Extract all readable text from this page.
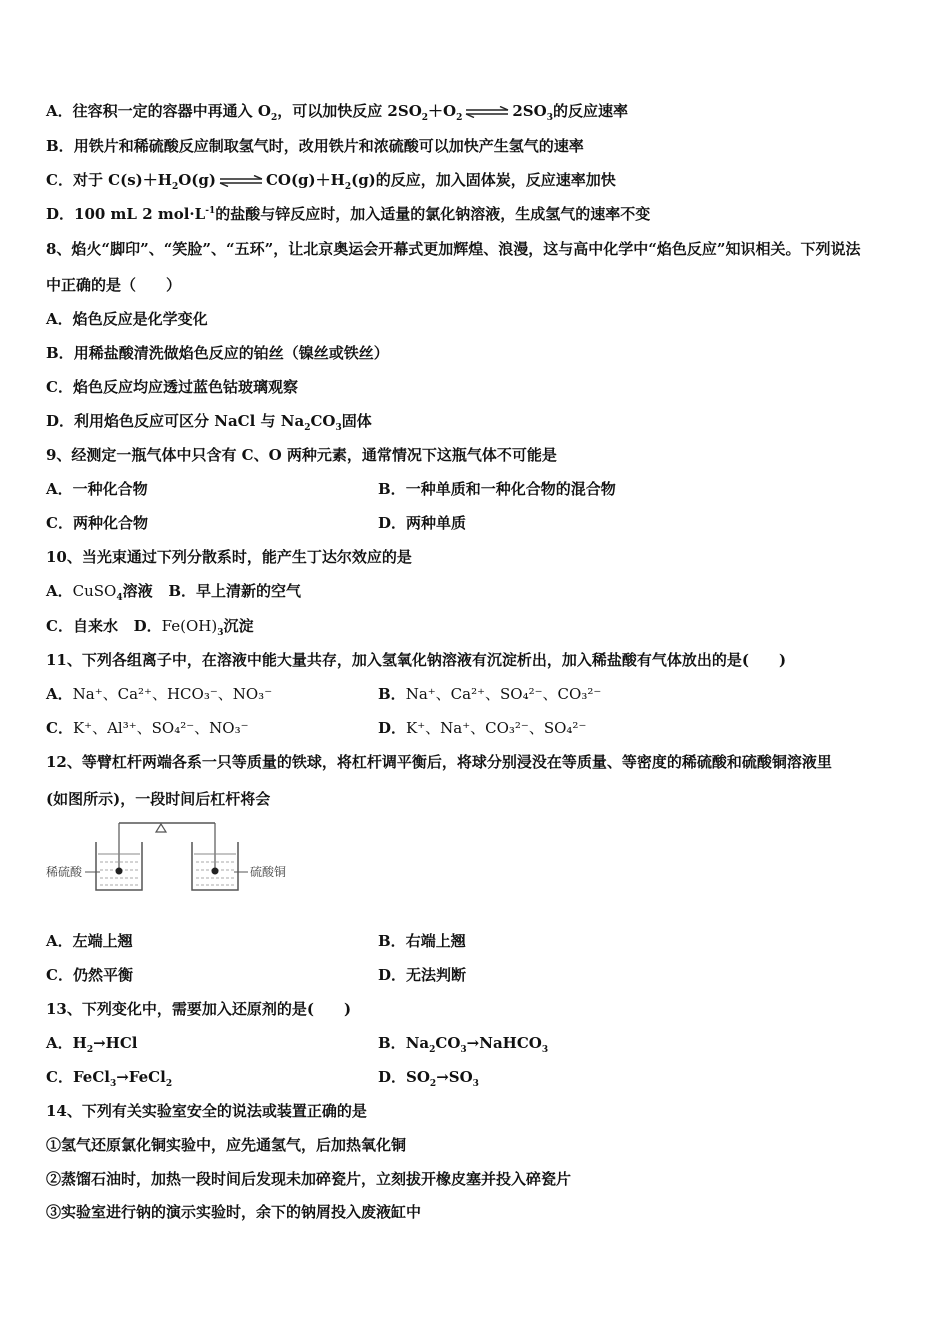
A．往容积一定的容器中再通入 $O_2$，可以加快反应 $2SO_2+O_2$ ⇌ $2SO_3$的反应速率
B．用铁片和稀硫酸反应制取氢气时，改用铁片和浓硫酸可以加快产生氢气的速率
C．对于 $C(s)+H_2O(g)$ ⇌ $CO(g)+H_2(g)$的反应，加入固体炭，反应速率加快
D．100 mL 2 $mol\cdot L^{-1}$的盐酸与锌反应时，加入适量的氯化钠溶液，生成氢气的速率不变
8、焰火“脚印”、“笑脸”、“五环”，让北京奥运会开幕式更加辉煌、浪漫，这与高中化学中“焰色反应”知识相关。下列说法
中正确的是（　　）
A．焰色反应是化学变化
B．用稀盐酸清洗做焰色反应的铂丝（镍丝或铁丝）
C．焰色反应均应透过蓝色钴玻璃观察
D．利用焰色反应可区分 NaCl 与 $Na_2CO_3$固体
9、经测定一瓶气体中只含有 C、O 两种元素，通常情况下这瓶气体不可能是
A．一种化合物	B．一种单质和一种化合物的混合物
C．两种化合物	D．两种单质
10、当光束通过下列分散系时，能产生丁达尔效应的是
A．CuSO$_4$溶液 B．早上清新的空气
C．自来水 D．$Fe(OH)_3$沉淀
11、下列各组离子中，在溶液中能大量共存，加入氢氧化钠溶液有沉淀析出，加入稀盐酸有气体放出的是(　　)
A．Na⁺、Ca²⁺、HCO₃⁻、NO₃⁻	B．Na⁺、Ca²⁺、SO₄²⁻、CO₃²⁻
C．K⁺、Al³⁺、SO₄²⁻、NO₃⁻	D．K⁺、Na⁺、CO₃²⁻、SO₄²⁻
12、等臂杠杆两端各系一只等质量的铁球，将杠杆调平衡后，将球分别浸没在等质量、等密度的稀硫酸和硫酸铜溶液里
(如图所示)，一段时间后杠杆将会
稀硫酸	硫酸铜
A．左端上翘	B．右端上翘
C．仍然平衡	D．无法判断
13、下列变化中，需要加入还原剂的是(　　)
A．$H_2\to HCl$	B．$Na_2CO_3\to NaHCO_3$
C．FeCl$_3$→FeCl$_2$	D．$SO_2\to SO_3$
14、下列有关实验室安全的说法或装置正确的是
①氢气还原氯化铜实验中，应先通氢气，后加热氧化铜
②蒸馏石油时，加热一段时间后发现未加碎瓷片，立刻拔开橡皮塞并投入碎瓷片
③实验室进行钠的演示实验时，余下的钠屑投入废液缸中
